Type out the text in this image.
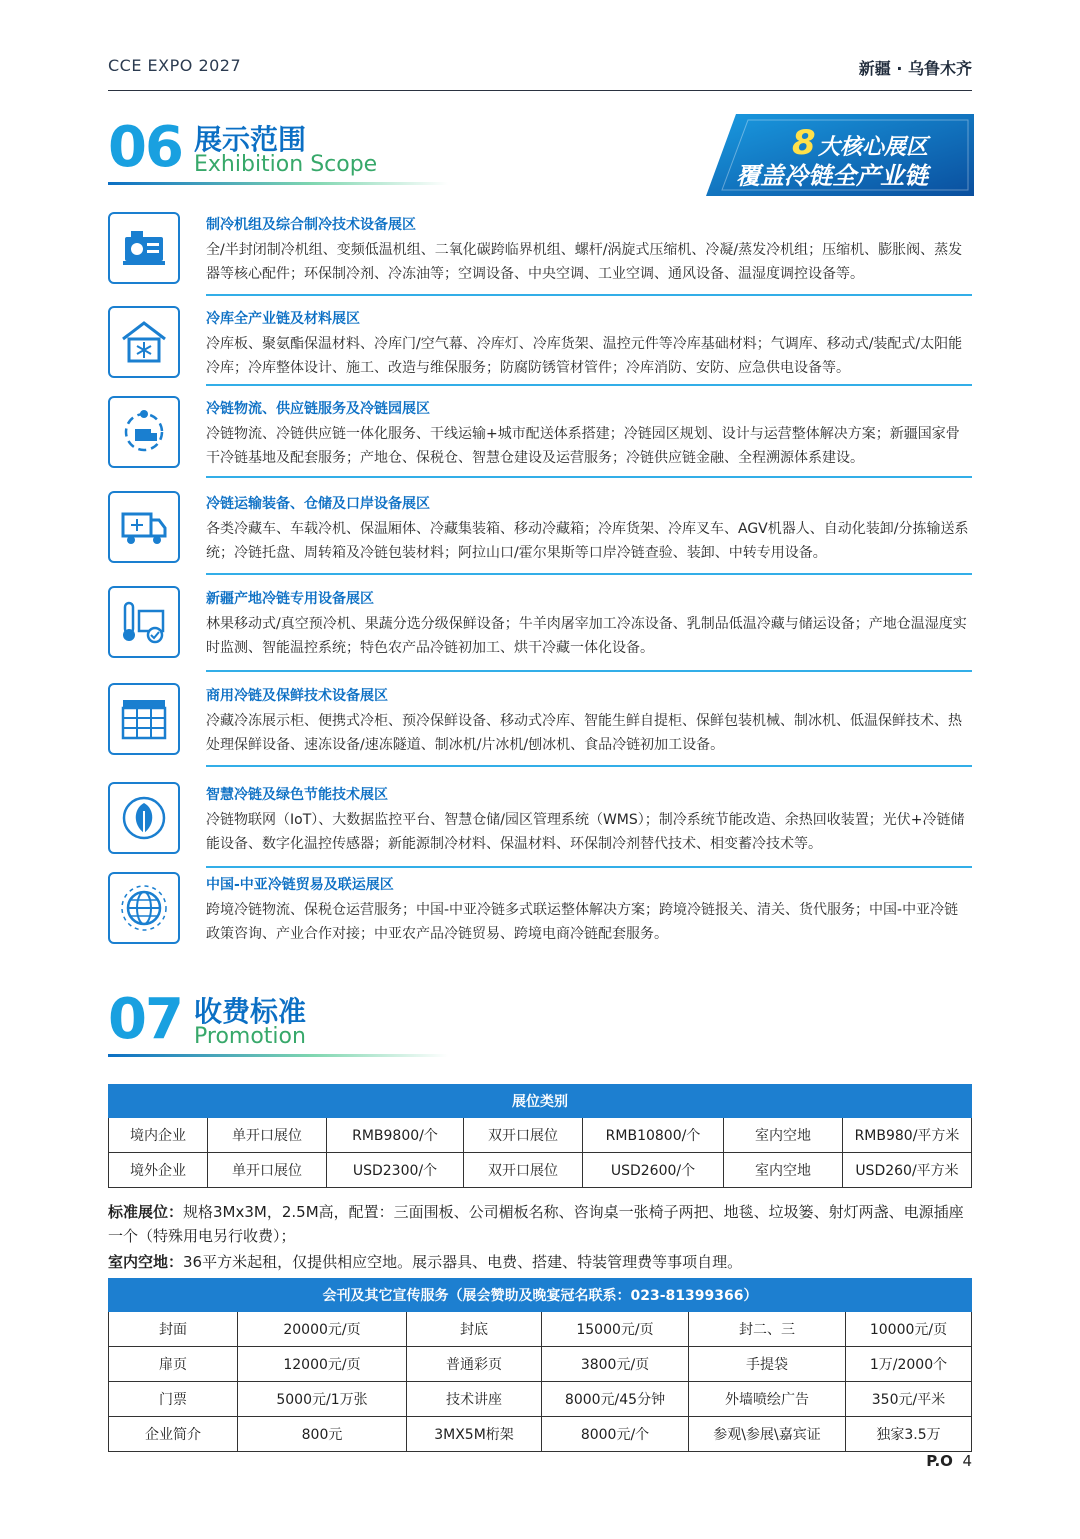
CCE EXPO 2027	新疆 · 乌鲁木齐
06 展示范围
Exhibition Scope
8 大核心展区
覆盖冷链全产业链
制冷机组及综合制冷技术设备展区
全/半封闭制冷机组、变频低温机组、二氧化碳跨临界机组、螺杆/涡旋式压缩机、冷凝/蒸发冷机组；压缩机、膨胀阀、蒸发器等核心配件；环保制冷剂、冷冻油等；空调设备、中央空调、工业空调、通风设备、温湿度调控设备等。
冷库全产业链及材料展区
冷库板、聚氨酯保温材料、冷库门/空气幕、冷库灯、冷库货架、温控元件等冷库基础材料；气调库、移动式/装配式/太阳能冷库；冷库整体设计、施工、改造与维保服务；防腐防锈管材管件；冷库消防、安防、应急供电设备等。
冷链物流、供应链服务及冷链园展区
冷链物流、冷链供应链一体化服务、干线运输+城市配送体系搭建；冷链园区规划、设计与运营整体解决方案；新疆国家骨干冷链基地及配套服务；产地仓、保税仓、智慧仓建设及运营服务；冷链供应链金融、全程溯源体系建设。
冷链运输装备、仓储及口岸设备展区
各类冷藏车、车载冷机、保温厢体、冷藏集装箱、移动冷藏箱；冷库货架、冷库叉车、AGV机器人、自动化装卸/分拣输送系统；冷链托盘、周转箱及冷链包装材料；阿拉山口/霍尔果斯等口岸冷链查验、装卸、中转专用设备。
新疆产地冷链专用设备展区
林果移动式/真空预冷机、果蔬分选分级保鲜设备；牛羊肉屠宰加工冷冻设备、乳制品低温冷藏与储运设备；产地仓温湿度实时监测、智能温控系统；特色农产品冷链初加工、烘干冷藏一体化设备。
商用冷链及保鲜技术设备展区
冷藏冷冻展示柜、便携式冷柜、预冷保鲜设备、移动式冷库、智能生鲜自提柜、保鲜包装机械、制冰机、低温保鲜技术、热处理保鲜设备、速冻设备/速冻隧道、制冰机/片冰机/刨冰机、食品冷链初加工设备。
智慧冷链及绿色节能技术展区
冷链物联网（IoT）、大数据监控平台、智慧仓储/园区管理系统（WMS）；制冷系统节能改造、余热回收装置；光伏+冷链储能设备、数字化温控传感器；新能源制冷材料、保温材料、环保制冷剂替代技术、相变蓄冷技术等。
中国-中亚冷链贸易及联运展区
跨境冷链物流、保税仓运营服务；中国-中亚冷链多式联运整体解决方案；跨境冷链报关、清关、货代服务；中国-中亚冷链政策咨询、产业合作对接；中亚农产品冷链贸易、跨境电商冷链配套服务。
07 收费标准
Promotion
展位类别						
境内企业	单开口展位	RMB9800/个	双开口展位	RMB10800/个	室内空地	RMB980/平方米
境外企业	单开口展位	USD2300/个	双开口展位	USD2600/个	室内空地	USD260/平方米
标准展位：规格3Mx3M，2.5M高，配置：三面围板、公司楣板名称、咨询桌一张椅子两把、地毯、垃圾篓、射灯两盏、电源插座一个（特殊用电另行收费）；
室内空地：36平方米起租，仅提供相应空地。展示器具、电费、搭建、特装管理费等事项自理。
会刊及其它宣传服务（展会赞助及晚宴冠名联系：023-81399366）					
封面	20000元/页	封底	15000元/页	封二、三	10000元/页
扉页	12000元/页	普通彩页	3800元/页	手提袋	1万/2000个
门票	5000元/1万张	技术讲座	8000元/45分钟	外墙喷绘广告	350元/平米
企业简介	800元	3MX5M桁架	8000元/个	参观\参展\嘉宾证	独家3.5万
P.O 4
